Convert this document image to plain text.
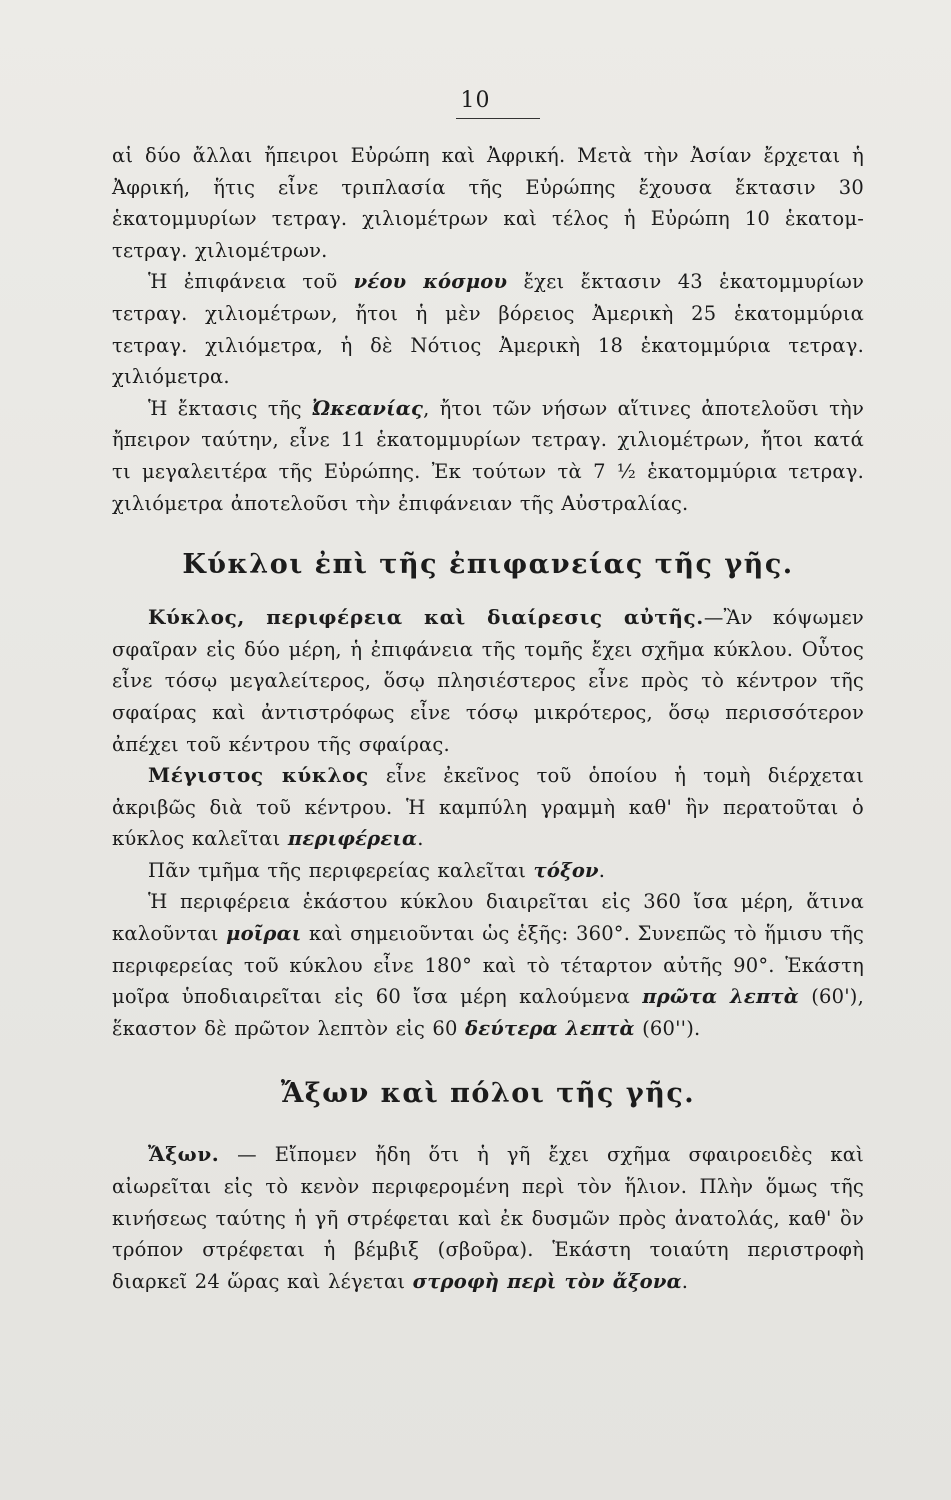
10

αἱ δύο ἄλλαι ἤπειροι Εὐρώπη καὶ Ἀφρική. Μετὰ τὴν Ἀσίαν ἔρχεται ἡ Ἀφρική, ἥτις εἶνε τριπλασία τῆς Εὐρώπης ἔχουσα ἔκτασιν 30 ἑκατομμυρίων τετραγ. χιλιομέτρων καὶ τέλος ἡ Εὐρώπη 10 ἑκατομ-τετραγ. χιλιομέτρων.

Ἡ ἐπιφάνεια τοῦ νέου κόσμου ἔχει ἔκτασιν 43 ἑκατομμυρίων τετραγ. χιλιομέτρων, ἤτοι ἡ μὲν βόρειος Ἀμερικὴ 25 ἑκατομμύρια τετραγ. χιλιόμετρα, ἡ δὲ Νότιος Ἀμερικὴ 18 ἑκατομμύρια τετραγ. χιλιόμετρα.

Ἡ ἔκτασις τῆς Ὠκεανίας, ἤτοι τῶν νήσων αἵτινες ἀποτελοῦσι τὴν ἤπειρον ταύτην, εἶνε 11 ἑκατομμυρίων τετραγ. χιλιομέτρων, ἤτοι κατά τι μεγαλειτέρα τῆς Εὐρώπης. Ἐκ τούτων τὰ 7 ½ ἑκατομμύρια τετραγ. χιλιόμετρα ἀποτελοῦσι τὴν ἐπιφάνειαν τῆς Αὐστραλίας.

Κύκλοι ἐπὶ τῆς ἐπιφανείας τῆς γῆς.

Κύκλος, περιφέρεια καὶ διαίρεσις αὐτῆς.—Ἂν κόψωμεν σφαῖραν εἰς δύο μέρη, ἡ ἐπιφάνεια τῆς τομῆς ἔχει σχῆμα κύκλου. Οὗτος εἶνε τόσῳ μεγαλείτερος, ὅσῳ πλησιέστερος εἶνε πρὸς τὸ κέντρον τῆς σφαίρας καὶ ἀντιστρόφως εἶνε τόσῳ μικρότερος, ὅσῳ περισσότερον ἀπέχει τοῦ κέντρου τῆς σφαίρας.

Μέγιστος κύκλος εἶνε ἐκεῖνος τοῦ ὁποίου ἡ τομὴ διέρχεται ἀκριβῶς διὰ τοῦ κέντρου. Ἡ καμπύλη γραμμὴ καθ' ἣν περατοῦται ὁ κύκλος καλεῖται περιφέρεια.

Πᾶν τμῆμα τῆς περιφερείας καλεῖται τόξον.

Ἡ περιφέρεια ἑκάστου κύκλου διαιρεῖται εἰς 360 ἴσα μέρη, ἅτινα καλοῦνται μοῖραι καὶ σημειοῦνται ὡς ἑξῆς: 360°. Συνεπῶς τὸ ἥμισυ τῆς περιφερείας τοῦ κύκλου εἶνε 180° καὶ τὸ τέταρτον αὐτῆς 90°. Ἑκάστη μοῖρα ὑποδιαιρεῖται εἰς 60 ἴσα μέρη καλούμενα πρῶτα λεπτὰ (60'), ἕκαστον δὲ πρῶτον λεπτὸν εἰς 60 δεύτερα λεπτὰ (60'').

Ἄξων καὶ πόλοι τῆς γῆς.

Ἄξων. — Εἴπομεν ἤδη ὅτι ἡ γῆ ἔχει σχῆμα σφαιροειδὲς καὶ αἰωρεῖται εἰς τὸ κενὸν περιφερομένη περὶ τὸν ἥλιον. Πλὴν ὅμως τῆς κινήσεως ταύτης ἡ γῆ στρέφεται καὶ ἐκ δυσμῶν πρὸς ἀνατολάς, καθ' ὃν τρόπον στρέφεται ἡ βέμβιξ (σβοῦρα). Ἑκάστη τοιαύτη περιστροφὴ διαρκεῖ 24 ὥρας καὶ λέγεται στροφὴ περὶ τὸν ἄξονα.
